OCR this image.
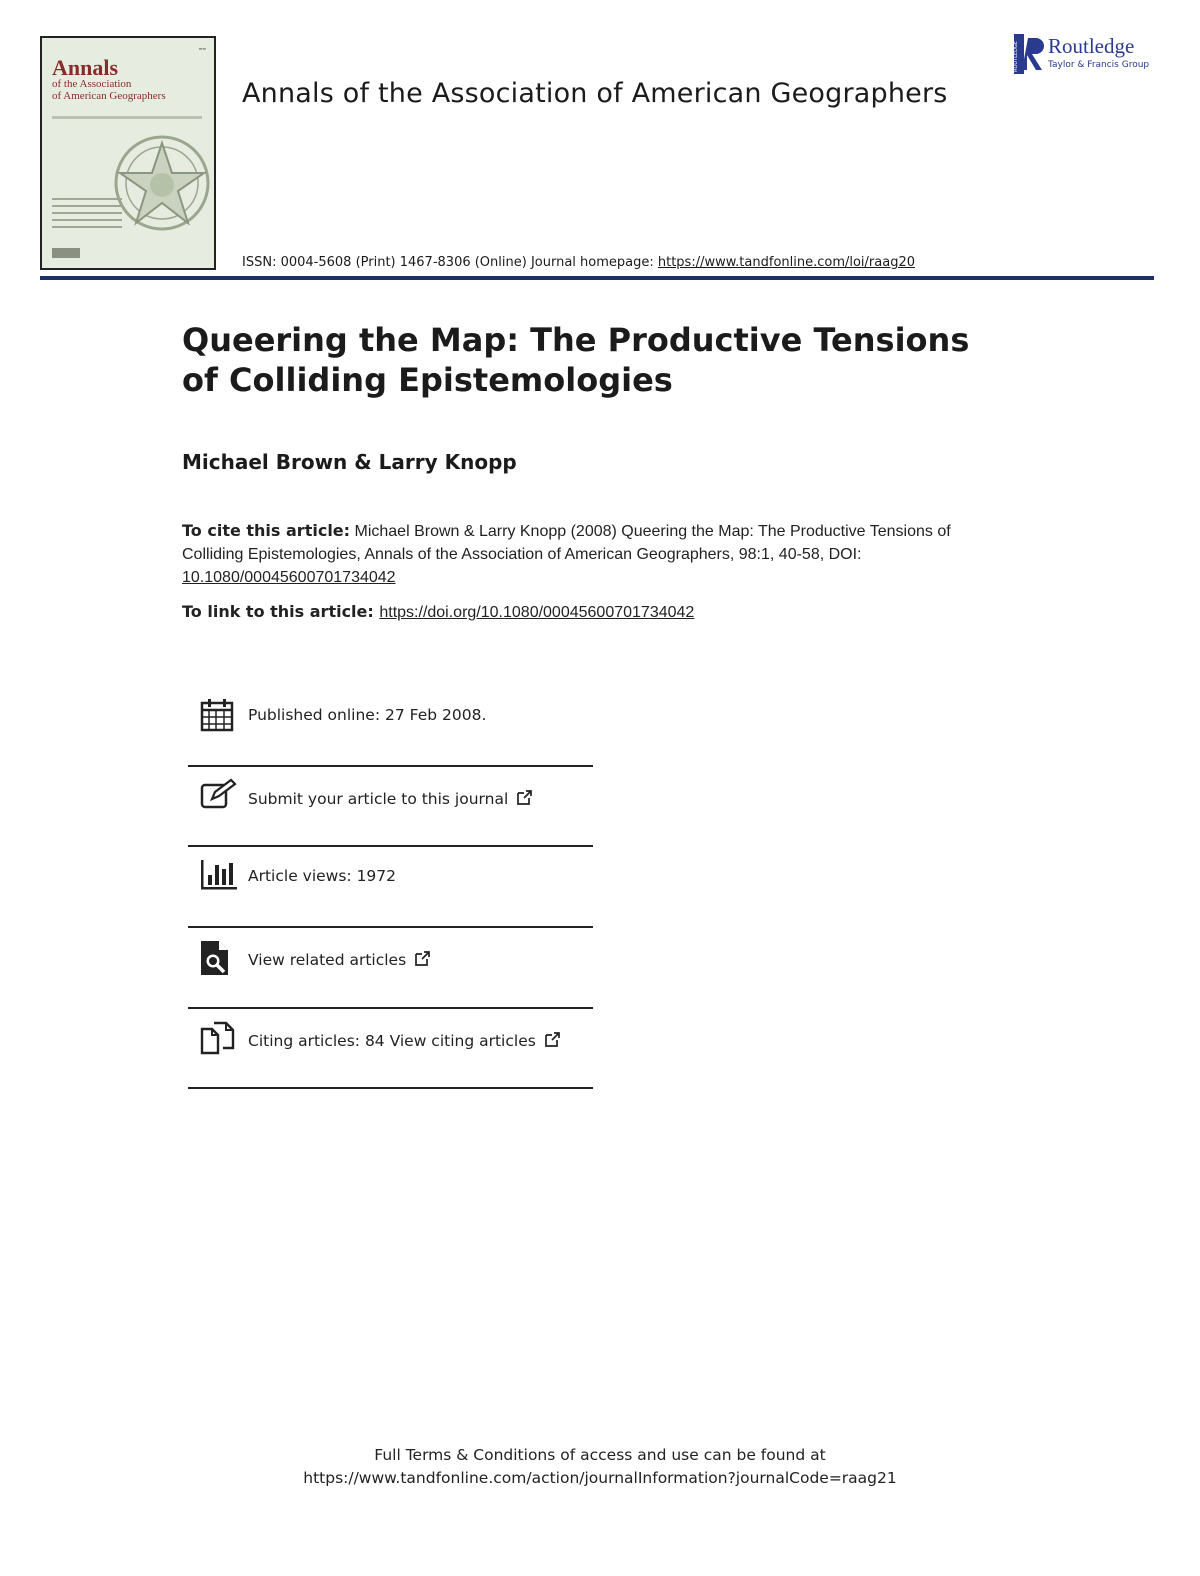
▬▬
Annals
of the Association
of American Geographers	Annals of the Association of American Geographers
ROUTLEDGE Routledge
Taylor & Francis Group
ISSN: 0004-5608 (Print) 1467-8306 (Online) Journal homepage: https://www.tandfonline.com/loi/raag20
Queering the Map: The Productive Tensions of Colliding Epistemologies
Michael Brown & Larry Knopp
To cite this article: Michael Brown & Larry Knopp (2008) Queering the Map: The Productive Tensions of Colliding Epistemologies, Annals of the Association of American Geographers, 98:1, 40-58, DOI: 10.1080/00045600701734042
To link to this article: https://doi.org/10.1080/00045600701734042
Published online: 27 Feb 2008.
Submit your article to this journal
Article views: 1972
View related articles
Citing articles: 84 View citing articles
Full Terms & Conditions of access and use can be found at
https://www.tandfonline.com/action/journalInformation?journalCode=raag21
